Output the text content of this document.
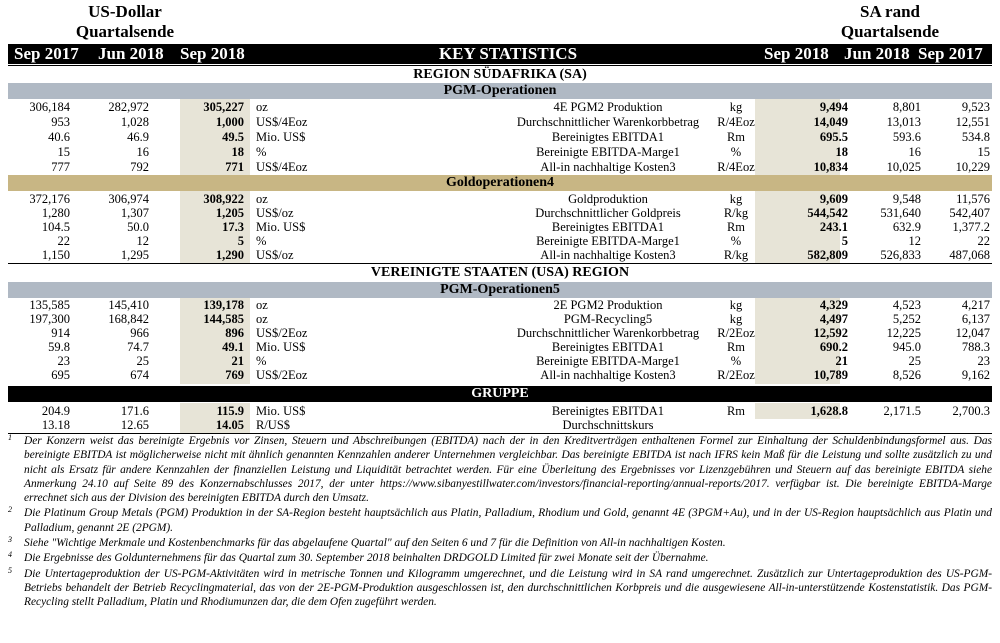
US-Dollar
Quartalsende
SA rand
Quartalsende
Sep 2017 Jun 2018 Sep 2018	KEY STATISTICS	Sep 2018 Jun 2018 Sep 2017
REGION SÜDAFRIKA (SA)
PGM-Operationen
Goldoperationen4
VEREINIGTE STAATEN (USA) REGION
PGM-Operationen5
GRUPPE
306,184	282,972	305,227 oz	4E PGM2 Produktion	kg	9,494	8,801	9,523
953	1,028	1,000 US$/4Eoz	Durchschnittlicher Warenkorbbetrag	R/4Eoz	14,049	13,013	12,551
40.6	46.9	49.5 Mio. US$	Bereinigtes EBITDA1	Rm	695.5	593.6	534.8
15	16	18 %	Bereinigte EBITDA-Marge1	%	18	16	15
777	792	771 US$/4Eoz	All-in nachhaltige Kosten3	R/4Eoz	10,834	10,025	10,229
372,176	306,974	308,922 oz	Goldproduktion	kg	9,609	9,548	11,576
1,280	1,307	1,205 US$/oz	Durchschnittlicher Goldpreis	R/kg	544,542	531,640 542,407
104.5	50.0	17.3 Mio. US$	Bereinigtes EBITDA1	Rm	243.1	632.9	1,377.2
22	12	5 %	Bereinigte EBITDA-Marge1	%	5	12	22
1,150	1,295	1,290 US$/oz	All-in nachhaltige Kosten3	R/kg	582,809	526,833 487,068
135,585	145,410	139,178 oz	2E PGM2 Produktion	kg	4,329	4,523	4,217
197,300	168,842	144,585 oz	PGM-Recycling5	kg	4,497	5,252	6,137
914	966	896 US$/2Eoz	Durchschnittlicher Warenkorbbetrag	R/2Eoz	12,592	12,225	12,047
59.8	74.7	49.1 Mio. US$	Bereinigtes EBITDA1	Rm	690.2	945.0	788.3
23	25	21 %	Bereinigte EBITDA-Marge1	%	21	25	23
695	674	769 US$/2Eoz	All-in nachhaltige Kosten3	R/2Eoz	10,789	8,526	9,162
204.9	171.6	115.9 Mio. US$	Bereinigtes EBITDA1	Rm	1,628.8	2,171.5	2,700.3
13.18	12.65	14.05 R/US$	Durchschnittskurs
1 Der Konzern weist das bereinigte Ergebnis vor Zinsen, Steuern und Abschreibungen (EBITDA) nach der in den Kreditverträgen enthaltenen Formel zur Einhaltung der Schuldenbindungsformel aus. Das bereinigte EBITDA ist möglicherweise nicht mit ähnlich genannten Kennzahlen anderer Unternehmen vergleichbar. Das bereinigte EBITDA ist nach IFRS kein Maß für die Leistung und sollte zusätzlich zu und nicht als Ersatz für andere Kennzahlen der finanziellen Leistung und Liquidität betrachtet werden. Für eine Überleitung des Ergebnisses vor Lizenzgebühren und Steuern auf das bereinigte EBITDA siehe Anmerkung 24.10 auf Seite 89 des Konzernabschlusses 2017, der unter https://www.sibanyestillwater.com/investors/financial-reporting/annual-reports/2017. verfügbar ist. Die bereinigte EBITDA-Marge errechnet sich aus der Division des bereinigten EBITDA durch den Umsatz.
2 Die Platinum Group Metals (PGM) Produktion in der SA-Region besteht hauptsächlich aus Platin, Palladium, Rhodium und Gold, genannt 4E (3PGM+Au), und in der US-Region hauptsächlich aus Platin und Palladium, genannt 2E (2PGM).
3 Siehe "Wichtige Merkmale und Kostenbenchmarks für das abgelaufene Quartal" auf den Seiten 6 und 7 für die Definition von All-in nachhaltigen Kosten.
4 Die Ergebnisse des Goldunternehmens für das Quartal zum 30. September 2018 beinhalten DRDGOLD Limited für zwei Monate seit der Übernahme.
5 Die Untertageproduktion der US-PGM-Aktivitäten wird in metrische Tonnen und Kilogramm umgerechnet, und die Leistung wird in SA rand umgerechnet. Zusätzlich zur Untertageproduktion des US-PGM-Betriebs behandelt der Betrieb Recyclingmaterial, das von der 2E-PGM-Produktion ausgeschlossen ist, den durchschnittlichen Korbpreis und die ausgewiesene All-in-unterstützende Kostenstatistik. Das PGM-Recycling stellt Palladium, Platin und Rhodiumunzen dar, die dem Ofen zugeführt werden.
